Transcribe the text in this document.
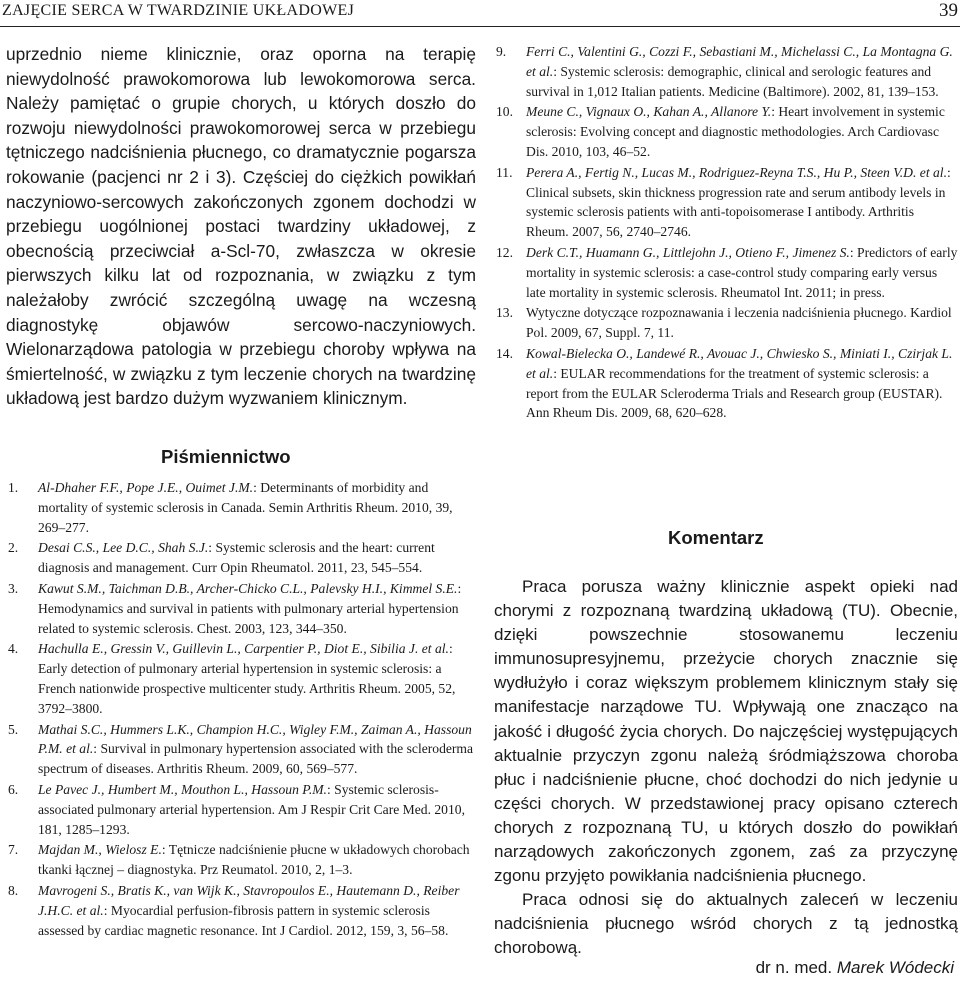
ZAJĘCIE SERCA W TWARDZINIE UKŁADOWEJ	39

uprzednio nieme klinicznie, oraz oporna na terapię niewydolność prawokomorowa lub lewokomorowa serca. Należy pamiętać o grupie chorych, u których doszło do rozwoju niewydolności prawokomorowej serca w przebiegu tętniczego nadciśnienia płucnego, co dramatycznie pogarsza rokowanie (pacjenci nr 2 i 3). Częściej do ciężkich powikłań naczyniowo-sercowych zakończonych zgonem dochodzi w przebiegu uogólnionej postaci twardziny układowej, z obecnością przeciwciał a-Scl-70, zwłaszcza w okresie pierwszych kilku lat od rozpoznania, w związku z tym należałoby zwrócić szczególną uwagę na wczesną diagnostykę objawów sercowo-naczyniowych. Wielonarządowa patologia w przebiegu choroby wpływa na śmiertelność, w związku z tym leczenie chorych na twardzinę układową jest bardzo dużym wyzwaniem klinicznym.

Piśmiennictwo
1. Al-Dhaher F.F., Pope J.E., Ouimet J.M.: Determinants of morbidity and mortality of systemic sclerosis in Canada. Semin Arthritis Rheum. 2010, 39, 269–277.
2. Desai C.S., Lee D.C., Shah S.J.: Systemic sclerosis and the heart: current diagnosis and management. Curr Opin Rheumatol. 2011, 23, 545–554.
3. Kawut S.M., Taichman D.B., Archer-Chicko C.L., Palevsky H.I., Kimmel S.E.: Hemodynamics and survival in patients with pulmonary arterial hypertension related to systemic sclerosis. Chest. 2003, 123, 344–350.
4. Hachulla E., Gressin V., Guillevin L., Carpentier P., Diot E., Sibilia J. et al.: Early detection of pulmonary arterial hypertension in systemic sclerosis: a French nationwide prospective multicenter study. Arthritis Rheum. 2005, 52, 3792–3800.
5. Mathai S.C., Hummers L.K., Champion H.C., Wigley F.M., Zaiman A., Hassoun P.M. et al.: Survival in pulmonary hypertension associated with the scleroderma spectrum of diseases. Arthritis Rheum. 2009, 60, 569–577.
6. Le Pavec J., Humbert M., Mouthon L., Hassoun P.M.: Systemic sclerosis-associated pulmonary arterial hypertension. Am J Respir Crit Care Med. 2010, 181, 1285–1293.
7. Majdan M., Wielosz E.: Tętnicze nadciśnienie płucne w układowych chorobach tkanki łącznej – diagnostyka. Prz Reumatol. 2010, 2, 1–3.
8. Mavrogeni S., Bratis K., van Wijk K., Stavropoulos E., Hautemann D., Reiber J.H.C. et al.: Myocardial perfusion-fibrosis pattern in systemic sclerosis assessed by cardiac magnetic resonance. Int J Cardiol. 2012, 159, 3, 56–58.
9. Ferri C., Valentini G., Cozzi F., Sebastiani M., Michelassi C., La Montagna G. et al.: Systemic sclerosis: demographic, clinical and serologic features and survival in 1,012 Italian patients. Medicine (Baltimore). 2002, 81, 139–153.
10. Meune C., Vignaux O., Kahan A., Allanore Y.: Heart involvement in systemic sclerosis: Evolving concept and diagnostic methodologies. Arch Cardiovasc Dis. 2010, 103, 46–52.
11. Perera A., Fertig N., Lucas M., Rodriguez-Reyna T.S., Hu P., Steen V.D. et al.: Clinical subsets, skin thickness progression rate and serum antibody levels in systemic sclerosis patients with anti-topoisomerase I antibody. Arthritis Rheum. 2007, 56, 2740–2746.
12. Derk C.T., Huamann G., Littlejohn J., Otieno F., Jimenez S.: Predictors of early mortality in systemic sclerosis: a case-control study comparing early versus late mortality in systemic sclerosis. Rheumatol Int. 2011; in press.
13. Wytyczne dotyczące rozpoznawania i leczenia nadciśnienia płucnego. Kardiol Pol. 2009, 67, Suppl. 7, 11.
14. Kowal-Bielecka O., Landewé R., Avouac J., Chwiesko S., Miniati I., Czirjak L. et al.: EULAR recommendations for the treatment of systemic sclerosis: a report from the EULAR Scleroderma Trials and Research group (EUSTAR). Ann Rheum Dis. 2009, 68, 620–628.
Komentarz

Praca porusza ważny klinicznie aspekt opieki nad chorymi z rozpoznaną twardziną układową (TU). Obecnie, dzięki powszechnie stosowanemu leczeniu immunosupresyjnemu, przeżycie chorych znacznie się wydłużyło i coraz większym problemem klinicznym stały się manifestacje narządowe TU. Wpływają one znacząco na jakość i długość życia chorych. Do najczęściej występujących aktualnie przyczyn zgonu należą śródmiąższowa choroba płuc i nadciśnienie płucne, choć dochodzi do nich jedynie u części chorych. W przedstawionej pracy opisano czterech chorych z rozpoznaną TU, u których doszło do powikłań narządowych zakończonych zgonem, zaś za przyczynę zgonu przyjęto powikłania nadciśnienia płucnego.

Praca odnosi się do aktualnych zaleceń w leczeniu nadciśnienia płucnego wśród chorych z tą jednostką chorobową.

dr n. med. Marek Wódecki
